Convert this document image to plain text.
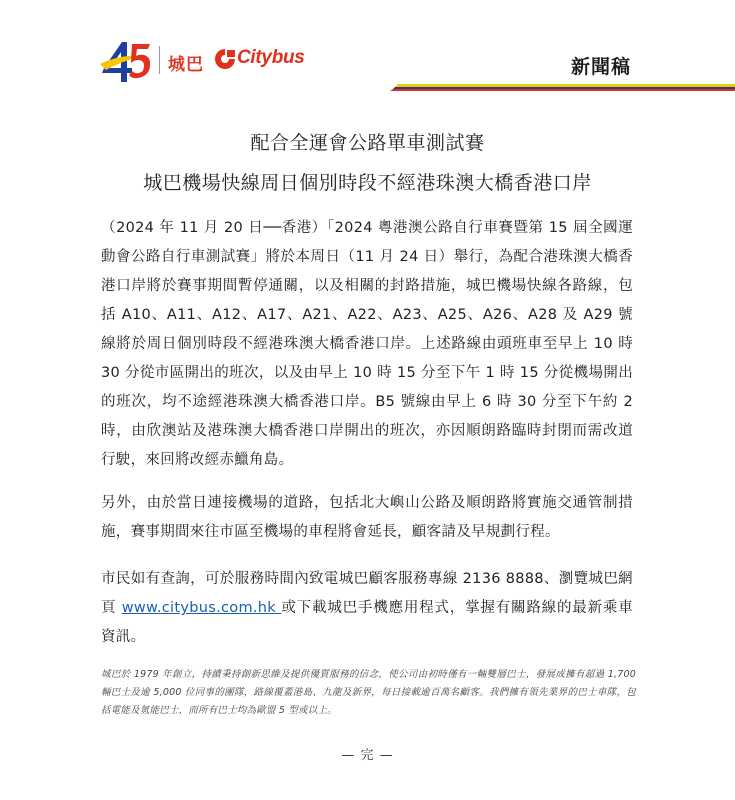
城巴 Citybus	新聞稿
配合全運會公路單車測試賽
城巴機場快線周日個別時段不經港珠澳大橋香港口岸

（2024 年 11 月 20 日──香港）「2024 粵港澳公路自行車賽暨第 15 屆全國運動會公路自行車測試賽」將於本周日（11 月 24 日）舉行，為配合港珠澳大橋香港口岸將於賽事期間暫停通關，以及相關的封路措施，城巴機場快線各路線，包括 A10、A11、A12、A17、A21、A22、A23、A25、A26、A28 及 A29 號線將於周日個別時段不經港珠澳大橋香港口岸。上述路線由頭班車至早上 10 時 30 分從市區開出的班次，以及由早上 10 時 15 分至下午 1 時 15 分從機場開出的班次，均不途經港珠澳大橋香港口岸。B5 號線由早上 6 時 30 分至下午約 2 時，由欣澳站及港珠澳大橋香港口岸開出的班次，亦因順朗路臨時封閉而需改道行駛，來回將改經赤鱲角島。

另外，由於當日連接機場的道路，包括北大嶼山公路及順朗路將實施交通管制措施，賽事期間來往市區至機場的車程將會延長，顧客請及早規劃行程。

市民如有查詢，可於服務時間內致電城巴顧客服務專線 2136 8888、瀏覽城巴網頁 www.citybus.com.hk 或下載城巴手機應用程式，掌握有關路線的最新乘車資訊。

城巴於 1979 年創立，持續秉持創新思維及提供優質服務的信念，使公司由初時僅有一輛雙層巴士，發展成擁有超過 1,700 輛巴士及逾 5,000 位同事的團隊，路線覆蓋港島、九龍及新界，每日接載逾百萬名顧客。我們擁有領先業界的巴士車隊，包括電能及氫能巴士，而所有巴士均為歐盟 5 型或以上。
— 完 —
